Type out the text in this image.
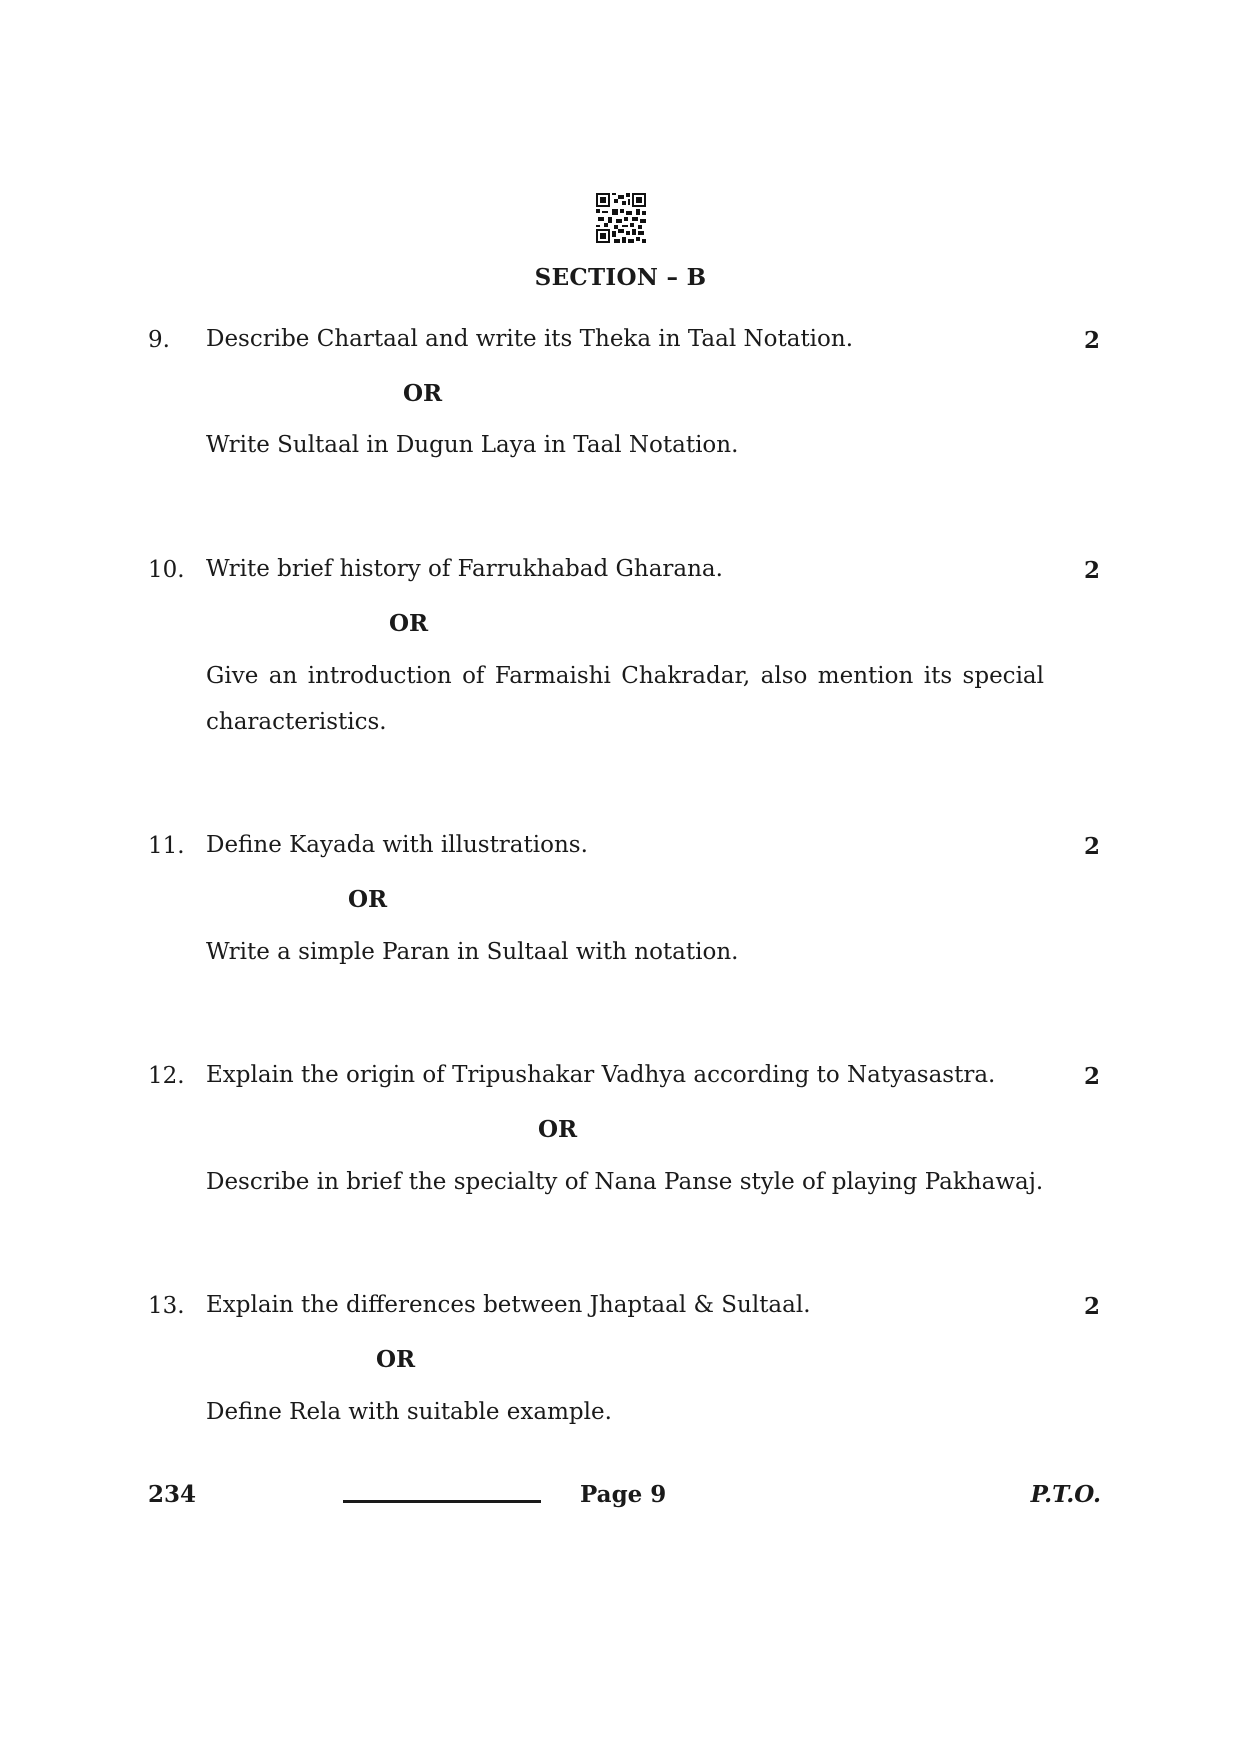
SECTION – B
9. Describe Chartaal and write its Theka in Taal Notation.	2
OR
Write Sultaal in Dugun Laya in Taal Notation.
10. Write brief history of Farrukhabad Gharana.	2
OR
Give an introduction of Farmaishi Chakradar, also mention its special characteristics.
11. Define Kayada with illustrations.	2
OR
Write a simple Paran in Sultaal with notation.
12. Explain the origin of Tripushakar Vadhya according to Natyasastra.	2
OR
Describe in brief the specialty of Nana Panse style of playing Pakhawaj.
13. Explain the differences between Jhaptaal & Sultaal.	2
OR
Define Rela with suitable example.
234	Page 9	P.T.O.
